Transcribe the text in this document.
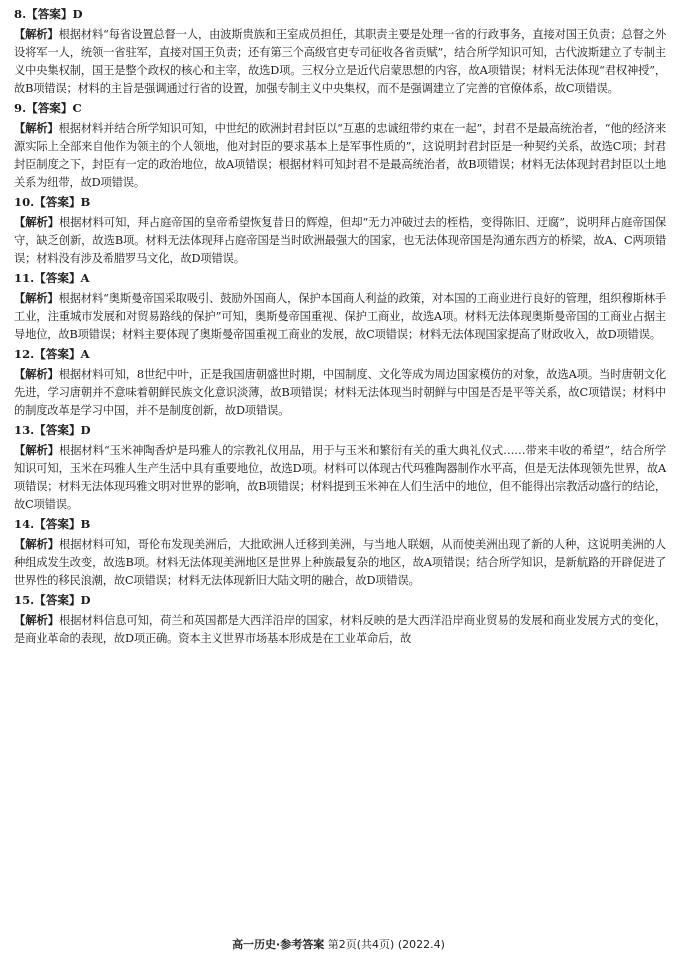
8.【答案】D

【解析】根据材料“每省设置总督一人，由波斯贵族和王室成员担任，其职责主要是处理一省的行政事务，直接对国王负责；总督之外设将军一人，统领一省驻军，直接对国王负责；还有第三个高级官吏专司征收各省贡赋”，结合所学知识可知，古代波斯建立了专制主义中央集权制，国王是整个政权的核心和主宰，故选D项。三权分立是近代启蒙思想的内容，故A项错误；材料无法体现“君权神授”，故B项错误；材料的主旨是强调通过行省的设置，加强专制主义中央集权，而不是强调建立了完善的官僚体系，故C项错误。

9.【答案】C

【解析】根据材料并结合所学知识可知，中世纪的欧洲封君封臣以“互惠的忠诚纽带约束在一起”，封君不是最高统治者，“他的经济来源实际上全部来自他作为领主的个人领地，他对封臣的要求基本上是军事性质的”，这说明封君封臣是一种契约关系，故选C项；封君封臣制度之下，封臣有一定的政治地位，故A项错误；根据材料可知封君不是最高统治者，故B项错误；材料无法体现封君封臣以土地关系为纽带，故D项错误。

10.【答案】B

【解析】根据材料可知，拜占庭帝国的皇帝希望恢复昔日的辉煌，但却“无力冲破过去的桎梏，变得陈旧、迂腐”，说明拜占庭帝国保守，缺乏创新，故选B项。材料无法体现拜占庭帝国是当时欧洲最强大的国家，也无法体现帝国是沟通东西方的桥梁，故A、C两项错误；材料没有涉及希腊罗马文化，故D项错误。

11.【答案】A

【解析】根据材料“奥斯曼帝国采取吸引、鼓励外国商人，保护本国商人利益的政策，对本国的工商业进行良好的管理，组织穆斯林手工业，注重城市发展和对贸易路线的保护”可知，奥斯曼帝国重视、保护工商业，故选A项。材料无法体现奥斯曼帝国的工商业占据主导地位，故B项错误；材料主要体现了奥斯曼帝国重视工商业的发展，故C项错误；材料无法体现国家提高了财政收入，故D项错误。

12.【答案】A

【解析】根据材料可知，8世纪中叶，正是我国唐朝盛世时期，中国制度、文化等成为周边国家模仿的对象，故选A项。当时唐朝文化先进，学习唐朝并不意味着朝鲜民族文化意识淡薄，故B项错误；材料无法体现当时朝鲜与中国是否是平等关系，故C项错误；材料中的制度改革是学习中国，并不是制度创新，故D项错误。

13.【答案】D

【解析】根据材料“玉米神陶香炉是玛雅人的宗教礼仪用品，用于与玉米和繁衍有关的重大典礼仪式……带来丰收的希望”，结合所学知识可知，玉米在玛雅人生产生活中具有重要地位，故选D项。材料可以体现古代玛雅陶器制作水平高，但是无法体现领先世界，故A项错误；材料无法体现玛雅文明对世界的影响，故B项错误；材料提到玉米神在人们生活中的地位，但不能得出宗教活动盛行的结论，故C项错误。

14.【答案】B

【解析】根据材料可知，哥伦布发现美洲后，大批欧洲人迁移到美洲，与当地人联姻，从而使美洲出现了新的人种，这说明美洲的人种组成发生改变，故选B项。材料无法体现美洲地区是世界上种族最复杂的地区，故A项错误；结合所学知识，是新航路的开辟促进了世界性的移民浪潮，故C项错误；材料无法体现新旧大陆文明的融合，故D项错误。

15.【答案】D

【解析】根据材料信息可知，荷兰和英国都是大西洋沿岸的国家，材料反映的是大西洋沿岸商业贸易的发展和商业发展方式的变化，是商业革命的表现，故D项正确。资本主义世界市场基本形成是在工业革命后，故

高一历史·参考答案 第2页(共4页) (2022.4)
